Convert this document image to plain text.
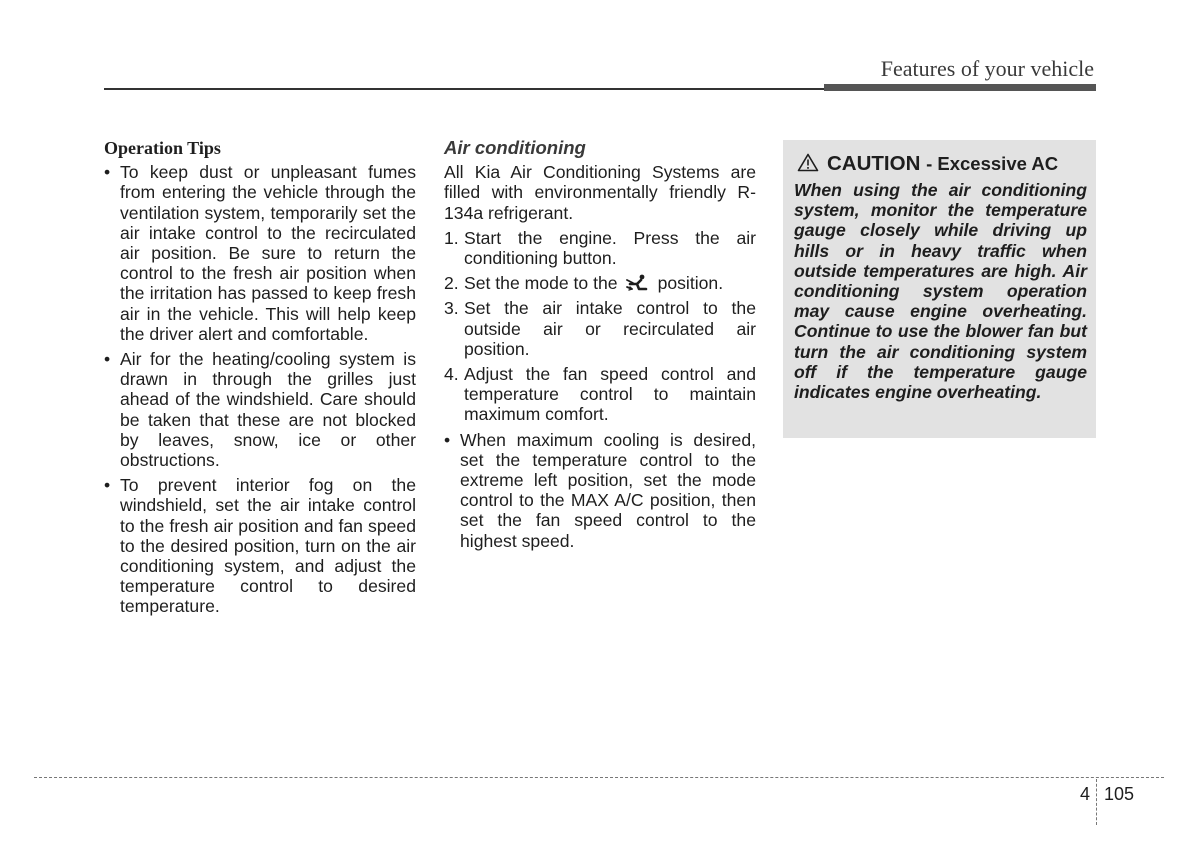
Features of your vehicle
Operation Tips
• To keep dust or unpleasant fumes from entering the vehicle through the ventilation system, temporarily set the air intake control to the recirculated air position. Be sure to return the control to the fresh air position when the irritation has passed to keep fresh air in the vehicle. This will help keep the driver alert and comfortable.
• Air for the heating/cooling system is drawn in through the grilles just ahead of the windshield. Care should be taken that these are not blocked by leaves, snow, ice or other obstructions.
• To prevent interior fog on the windshield, set the air intake control to the fresh air position and fan speed to the desired position, turn on the air conditioning system, and adjust the temperature control to desired temperature.
Air conditioning
All Kia Air Conditioning Systems are filled with environmentally friendly R-134a refrigerant.
1. Start the engine. Press the air conditioning button.
2. Set the mode to the position.
3. Set the air intake control to the outside air or recirculated air position.
4. Adjust the fan speed control and temperature control to maintain maximum comfort.
• When maximum cooling is desired, set the temperature control to the extreme left position, set the mode control to the MAX A/C position, then set the fan speed control to the highest speed.
CAUTION - Excessive AC
When using the air conditioning system, monitor the temperature gauge closely while driving up hills or in heavy traffic when outside temperatures are high. Air conditioning system operation may cause engine overheating. Continue to use the blower fan but turn the air conditioning system off if the temperature gauge indicates engine overheating.
4 105
